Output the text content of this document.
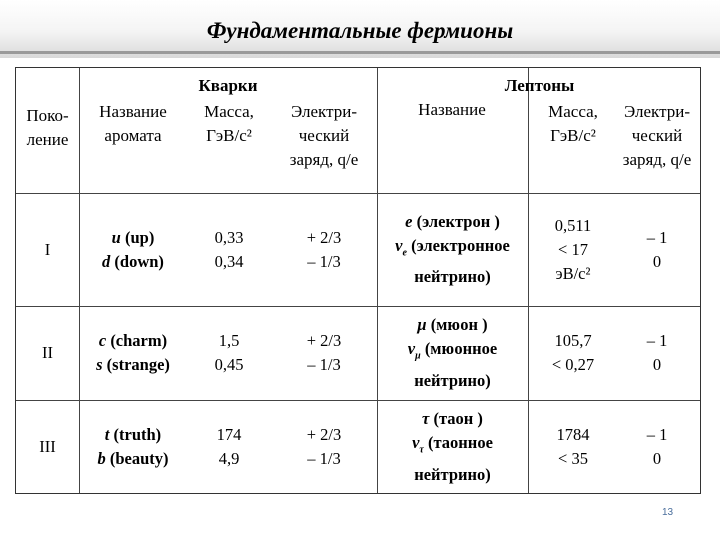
Фундаментальные фермионы
Поко-
ление
Кварки	Лептоны
Название
аромата
Масса,
ГэВ/с²
Электри-
ческий
заряд, q/e
Название	Масса,
ГэВ/с²
Электри-
ческий
заряд, q/e
I
u (up)
d (down)
0,33
0,34
+ 2/3
– 1/3
e (электрон )
$\nu_e$ (электронное
нейтрино)
0,511
< 17
эВ/с²
– 1
0
II
c (charm)
s (strange)
1,5
0,45
+ 2/3
– 1/3
μ (мюон )
$\nu_\mu$ (мюонное
нейтрино)
105,7
< 0,27
– 1
0
III
t (truth)
b (beauty)
174
4,9
+ 2/3
– 1/3
τ (таон )
$\nu_\tau$ (таонное
нейтрино)
1784
< 35
– 1
0
13
